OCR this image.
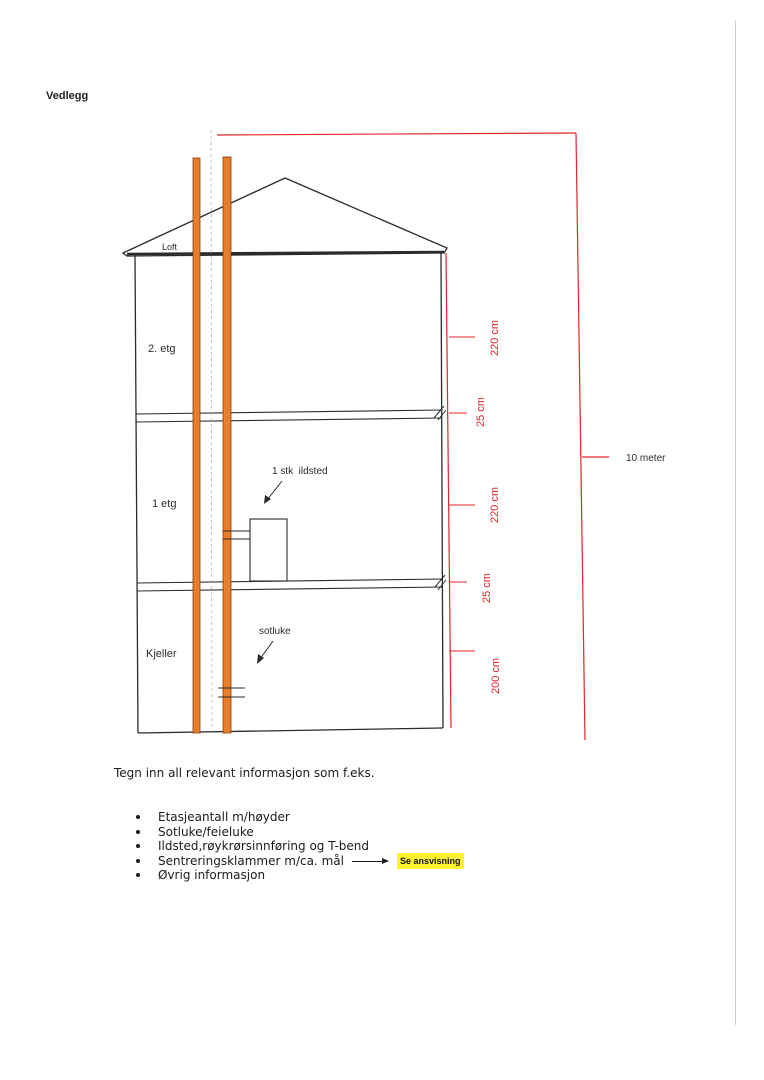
Vedlegg
Loft
2. etg
1 etg
Kjeller
1 stk  ildsted
sotluke
220 cm
25 cm
220 cm
25 cm
200 cm
10 meter
Tegn inn all relevant informasjon som f.eks.
Etasjeantall m/høyder
Sotluke/feieluke
Ildsted,røykrørsinnføring og T-bend
Sentreringsklammer m/ca. mål
Øvrig informasjon
Se ansvisning
